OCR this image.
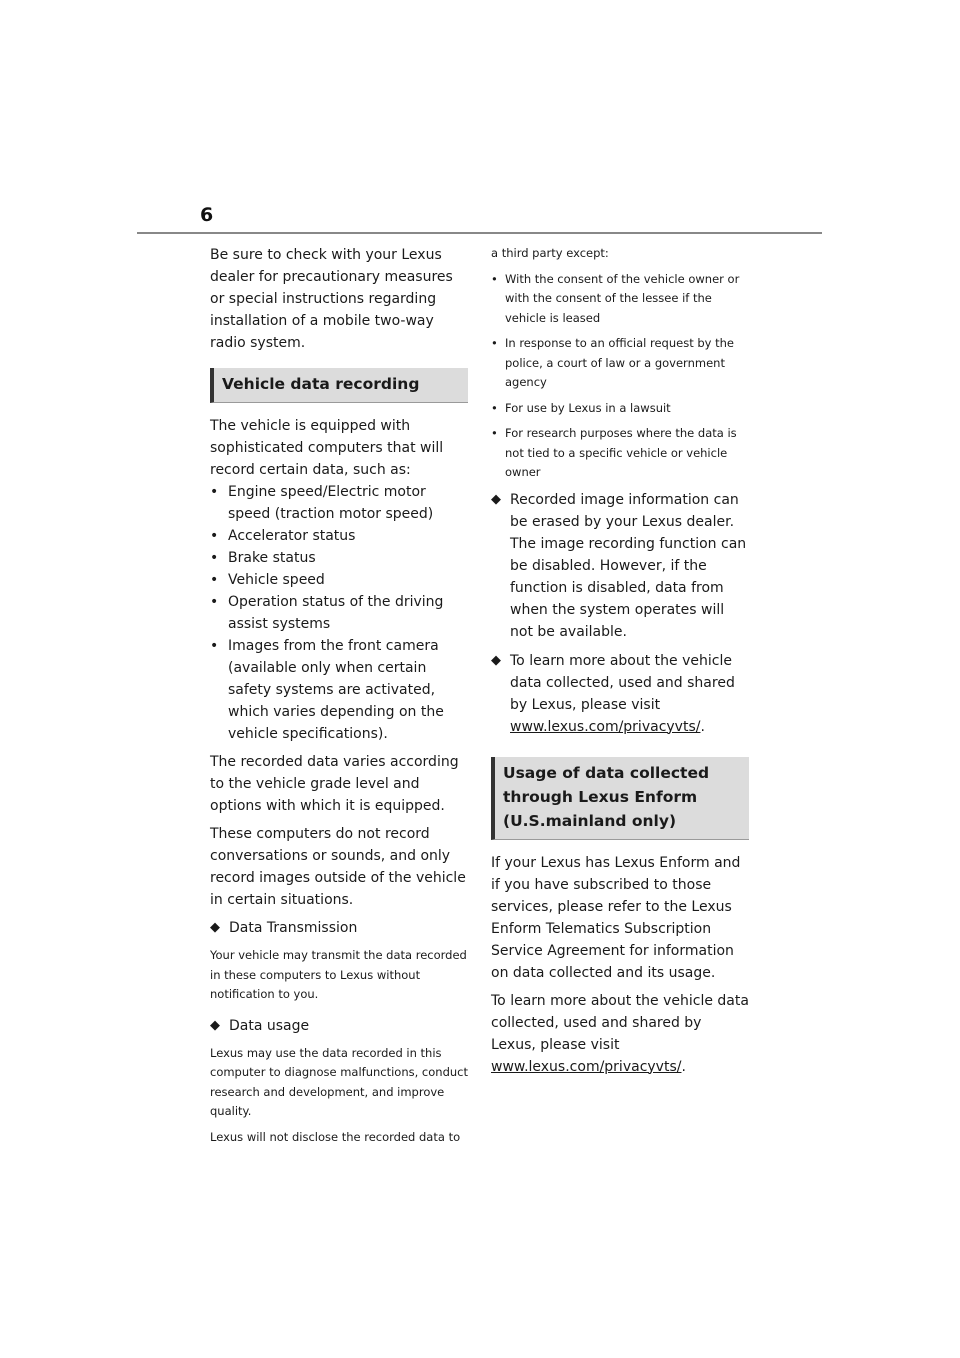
6

Be sure to check with your Lexus dealer for precautionary measures or special instructions regarding installation of a mobile two-way radio system.

Vehicle data recording

The vehicle is equipped with sophisticated computers that will record certain data, such as:

• Engine speed/Electric motor speed (traction motor speed)
• Accelerator status
• Brake status
• Vehicle speed
• Operation status of the driving assist systems
• Images from the front camera (available only when certain safety systems are activated, which varies depending on the vehicle specifications).

The recorded data varies according to the vehicle grade level and options with which it is equipped.

These computers do not record conversations or sounds, and only record images outside of the vehicle in certain situations.

◆ Data Transmission

Your vehicle may transmit the data recorded in these computers to Lexus without notification to you.

◆ Data usage

Lexus may use the data recorded in this computer to diagnose malfunctions, conduct research and development, and improve quality.

Lexus will not disclose the recorded data to

a third party except:

• With the consent of the vehicle owner or with the consent of the lessee if the vehicle is leased
• In response to an official request by the police, a court of law or a government agency
• For use by Lexus in a lawsuit
• For research purposes where the data is not tied to a specific vehicle or vehicle owner
◆ Recorded image information can be erased by your Lexus dealer.
The image recording function can be disabled. However, if the function is disabled, data from when the system operates will not be available.
◆ To learn more about the vehicle data collected, used and shared by Lexus, please visit www.lexus.com/privacyvts/.
Usage of data collected through Lexus Enform (U.S.mainland only)

If your Lexus has Lexus Enform and if you have subscribed to those services, please refer to the Lexus Enform Telematics Subscription Service Agreement for information on data collected and its usage.

To learn more about the vehicle data collected, used and shared by Lexus, please visit www.lexus.com/privacyvts/.
